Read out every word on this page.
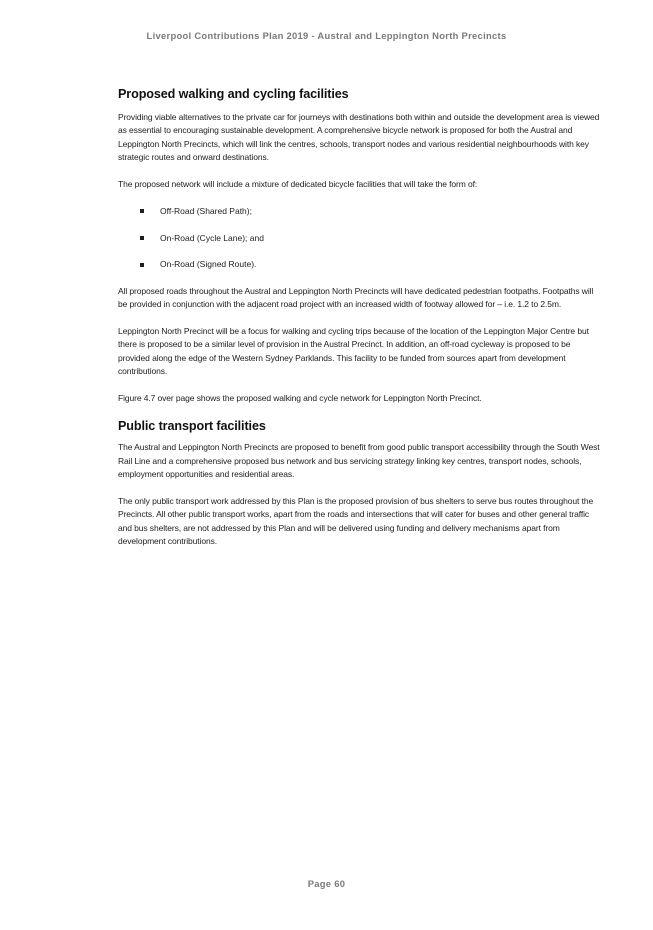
Liverpool Contributions Plan 2019 - Austral and Leppington North Precincts
Proposed walking and cycling facilities

Providing viable alternatives to the private car for journeys with destinations both within and outside the development area is viewed as essential to encouraging sustainable development. A comprehensive bicycle network is proposed for both the Austral and Leppington North Precincts, which will link the centres, schools, transport nodes and various residential neighbourhoods with key strategic routes and onward destinations.

The proposed network will include a mixture of dedicated bicycle facilities that will take the form of:

Off-Road (Shared Path);
On-Road (Cycle Lane); and
On-Road (Signed Route).

All proposed roads throughout the Austral and Leppington North Precincts will have dedicated pedestrian footpaths. Footpaths will be provided in conjunction with the adjacent road project with an increased width of footway allowed for – i.e. 1.2 to 2.5m.

Leppington North Precinct will be a focus for walking and cycling trips because of the location of the Leppington Major Centre but there is proposed to be a similar level of provision in the Austral Precinct. In addition, an off-road cycleway is proposed to be provided along the edge of the Western Sydney Parklands. This facility to be funded from sources apart from development contributions.

Figure 4.7 over page shows the proposed walking and cycle network for Leppington North Precinct.

Public transport facilities

The Austral and Leppington North Precincts are proposed to benefit from good public transport accessibility through the South West Rail Line and a comprehensive proposed bus network and bus servicing strategy linking key centres, transport nodes, schools, employment opportunities and residential areas.

The only public transport work addressed by this Plan is the proposed provision of bus shelters to serve bus routes throughout the Precincts. All other public transport works, apart from the roads and intersections that will cater for buses and other general traffic and bus shelters, are not addressed by this Plan and will be delivered using funding and delivery mechanisms apart from development contributions.

Page 60
